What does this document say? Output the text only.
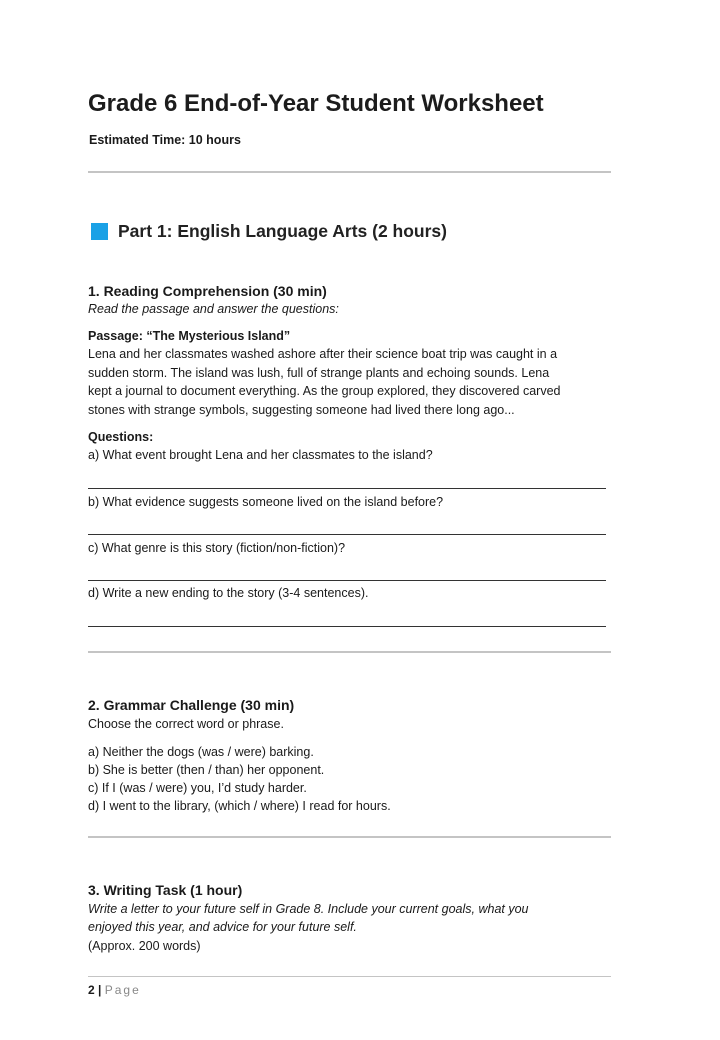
Grade 6 End-of-Year Student Worksheet
Estimated Time: 10 hours
Part 1: English Language Arts (2 hours)
1. Reading Comprehension (30 min)
Read the passage and answer the questions:
Passage: “The Mysterious Island”
Lena and her classmates washed ashore after their science boat trip was caught in a
sudden storm. The island was lush, full of strange plants and echoing sounds. Lena
kept a journal to document everything. As the group explored, they discovered carved
stones with strange symbols, suggesting someone had lived there long ago...
Questions:
a) What event brought Lena and her classmates to the island?
b) What evidence suggests someone lived on the island before?
c) What genre is this story (fiction/non-fiction)?
d) Write a new ending to the story (3-4 sentences).
2. Grammar Challenge (30 min)
Choose the correct word or phrase.
a) Neither the dogs (was / were) barking.
b) She is better (then / than) her opponent.
c) If I (was / were) you, I’d study harder.
d) I went to the library, (which / where) I read for hours.
3. Writing Task (1 hour)
Write a letter to your future self in Grade 8. Include your current goals, what you
enjoyed this year, and advice for your future self.
(Approx. 200 words)
2 | Page
